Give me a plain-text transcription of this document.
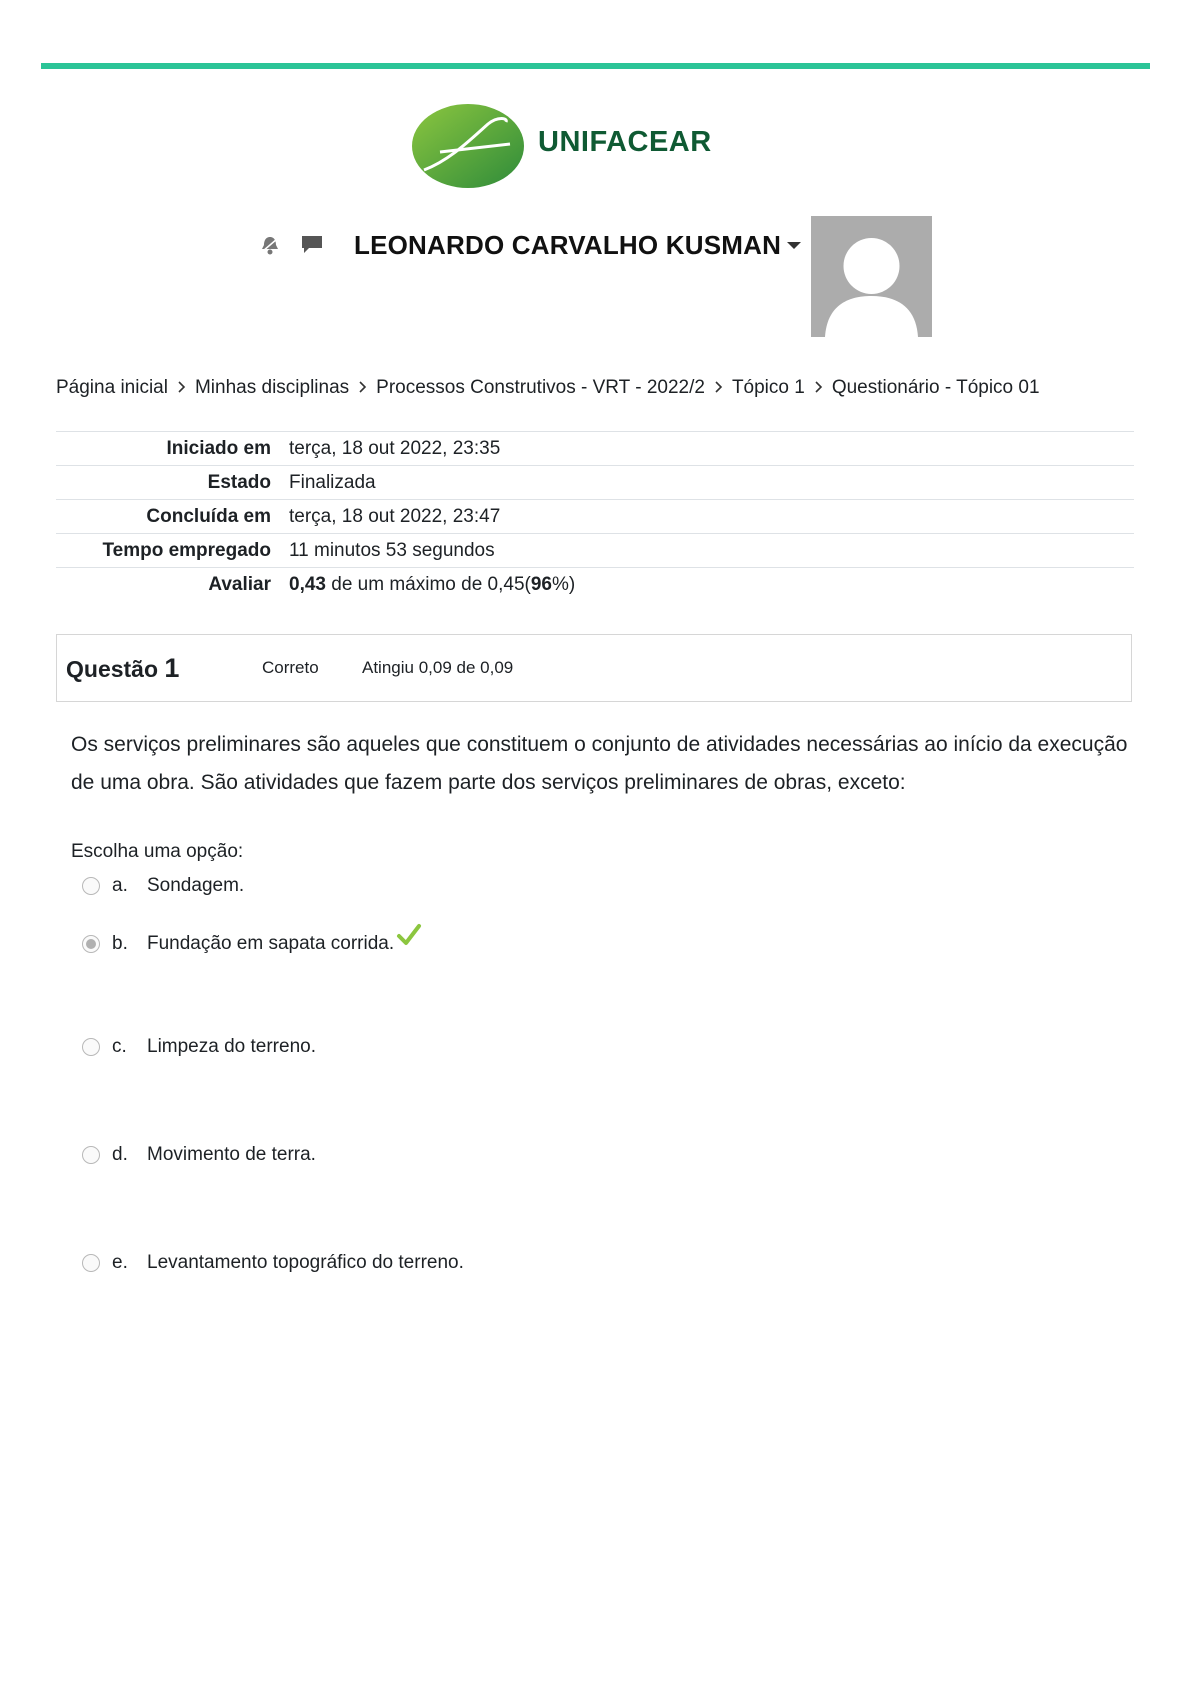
UNIFACEAR
LEONARDO CARVALHO KUSMAN
Página inicial Minhas disciplinas Processos Construtivos - VRT - 2022/2 Tópico 1 Questionário - Tópico 01
Iniciado em	terça, 18 out 2022, 23:35
Estado	Finalizada
Concluída em	terça, 18 out 2022, 23:47
Tempo empregado	11 minutos 53 segundos
Avaliar	0,43 de um máximo de 0,45(96%)
Questão 1	Correto	Atingiu 0,09 de 0,09
Os serviços preliminares são aqueles que constituem o conjunto de atividades necessárias ao início da execução de uma obra. São atividades que fazem parte dos serviços preliminares de obras, exceto:
Escolha uma opção:
a.	Sondagem.
b.	Fundação em sapata corrida.
c.	Limpeza do terreno.
d.	Movimento de terra.
e.	Levantamento topográfico do terreno.
